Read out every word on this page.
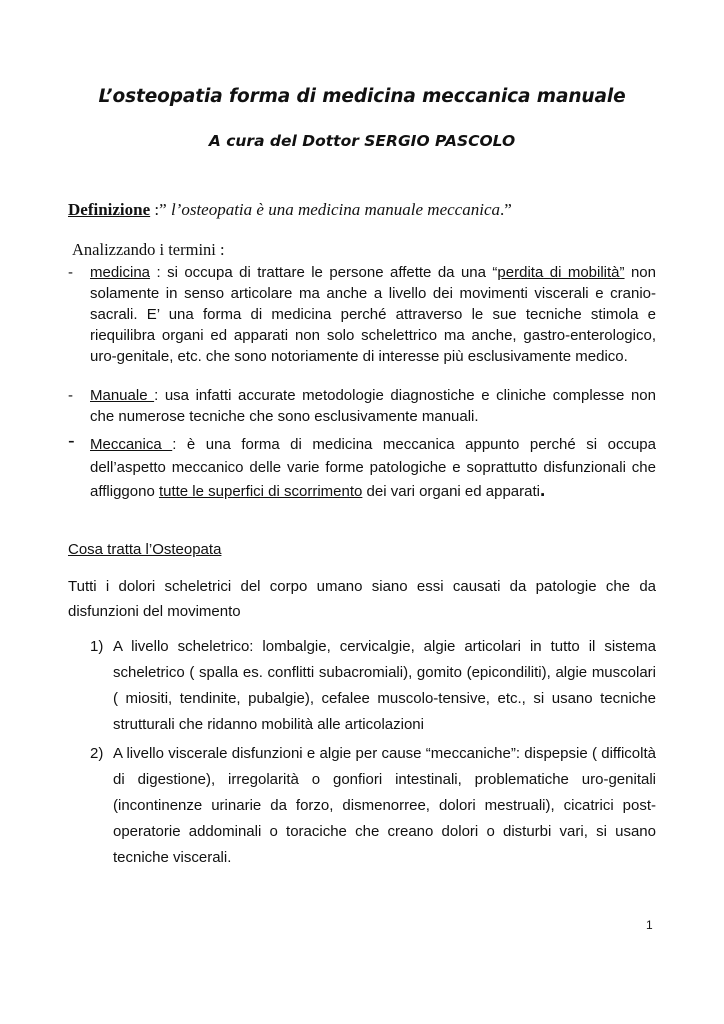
L’osteopatia forma di medicina meccanica manuale
A cura del Dottor SERGIO PASCOLO
Definizione :” l’osteopatia è una medicina manuale meccanica.”
Analizzando i termini :
-	medicina : si occupa di trattare le persone affette da una “perdita di mobilità” non solamente in senso articolare ma anche a livello dei movimenti viscerali e cranio-sacrali. E’ una forma di medicina perché attraverso le sue tecniche stimola e riequilibra organi ed apparati non solo schelettrico ma anche, gastro-enterologico, uro-genitale, etc. che sono notoriamente di interesse più esclusivamente medico.
-	Manuale : usa infatti accurate metodologie diagnostiche e cliniche complesse non che numerose tecniche che sono esclusivamente manuali.
-	Meccanica : è una forma di medicina meccanica appunto perché si occupa dell’aspetto meccanico delle varie forme patologiche e soprattutto disfunzionali che affliggono tutte le superfici di scorrimento dei vari organi ed apparati.
Cosa tratta l’Osteopata
Tutti i dolori scheletrici del corpo umano siano essi causati da patologie che da disfunzioni del movimento
1) A livello scheletrico: lombalgie, cervicalgie, algie articolari in tutto il sistema scheletrico ( spalla es. conflitti subacromiali), gomito (epicondiliti), algie muscolari ( miositi, tendinite, pubalgie), cefalee muscolo-tensive, etc., si usano tecniche strutturali che ridanno mobilità alle articolazioni
2) A livello viscerale disfunzioni e algie per cause “meccaniche”: dispepsie ( difficoltà di digestione), irregolarità o gonfiori intestinali, problematiche uro-genitali (incontinenze urinarie da forzo, dismenorree, dolori mestruali), cicatrici post-operatorie addominali o toraciche che creano dolori o disturbi vari, si usano tecniche viscerali.
1
